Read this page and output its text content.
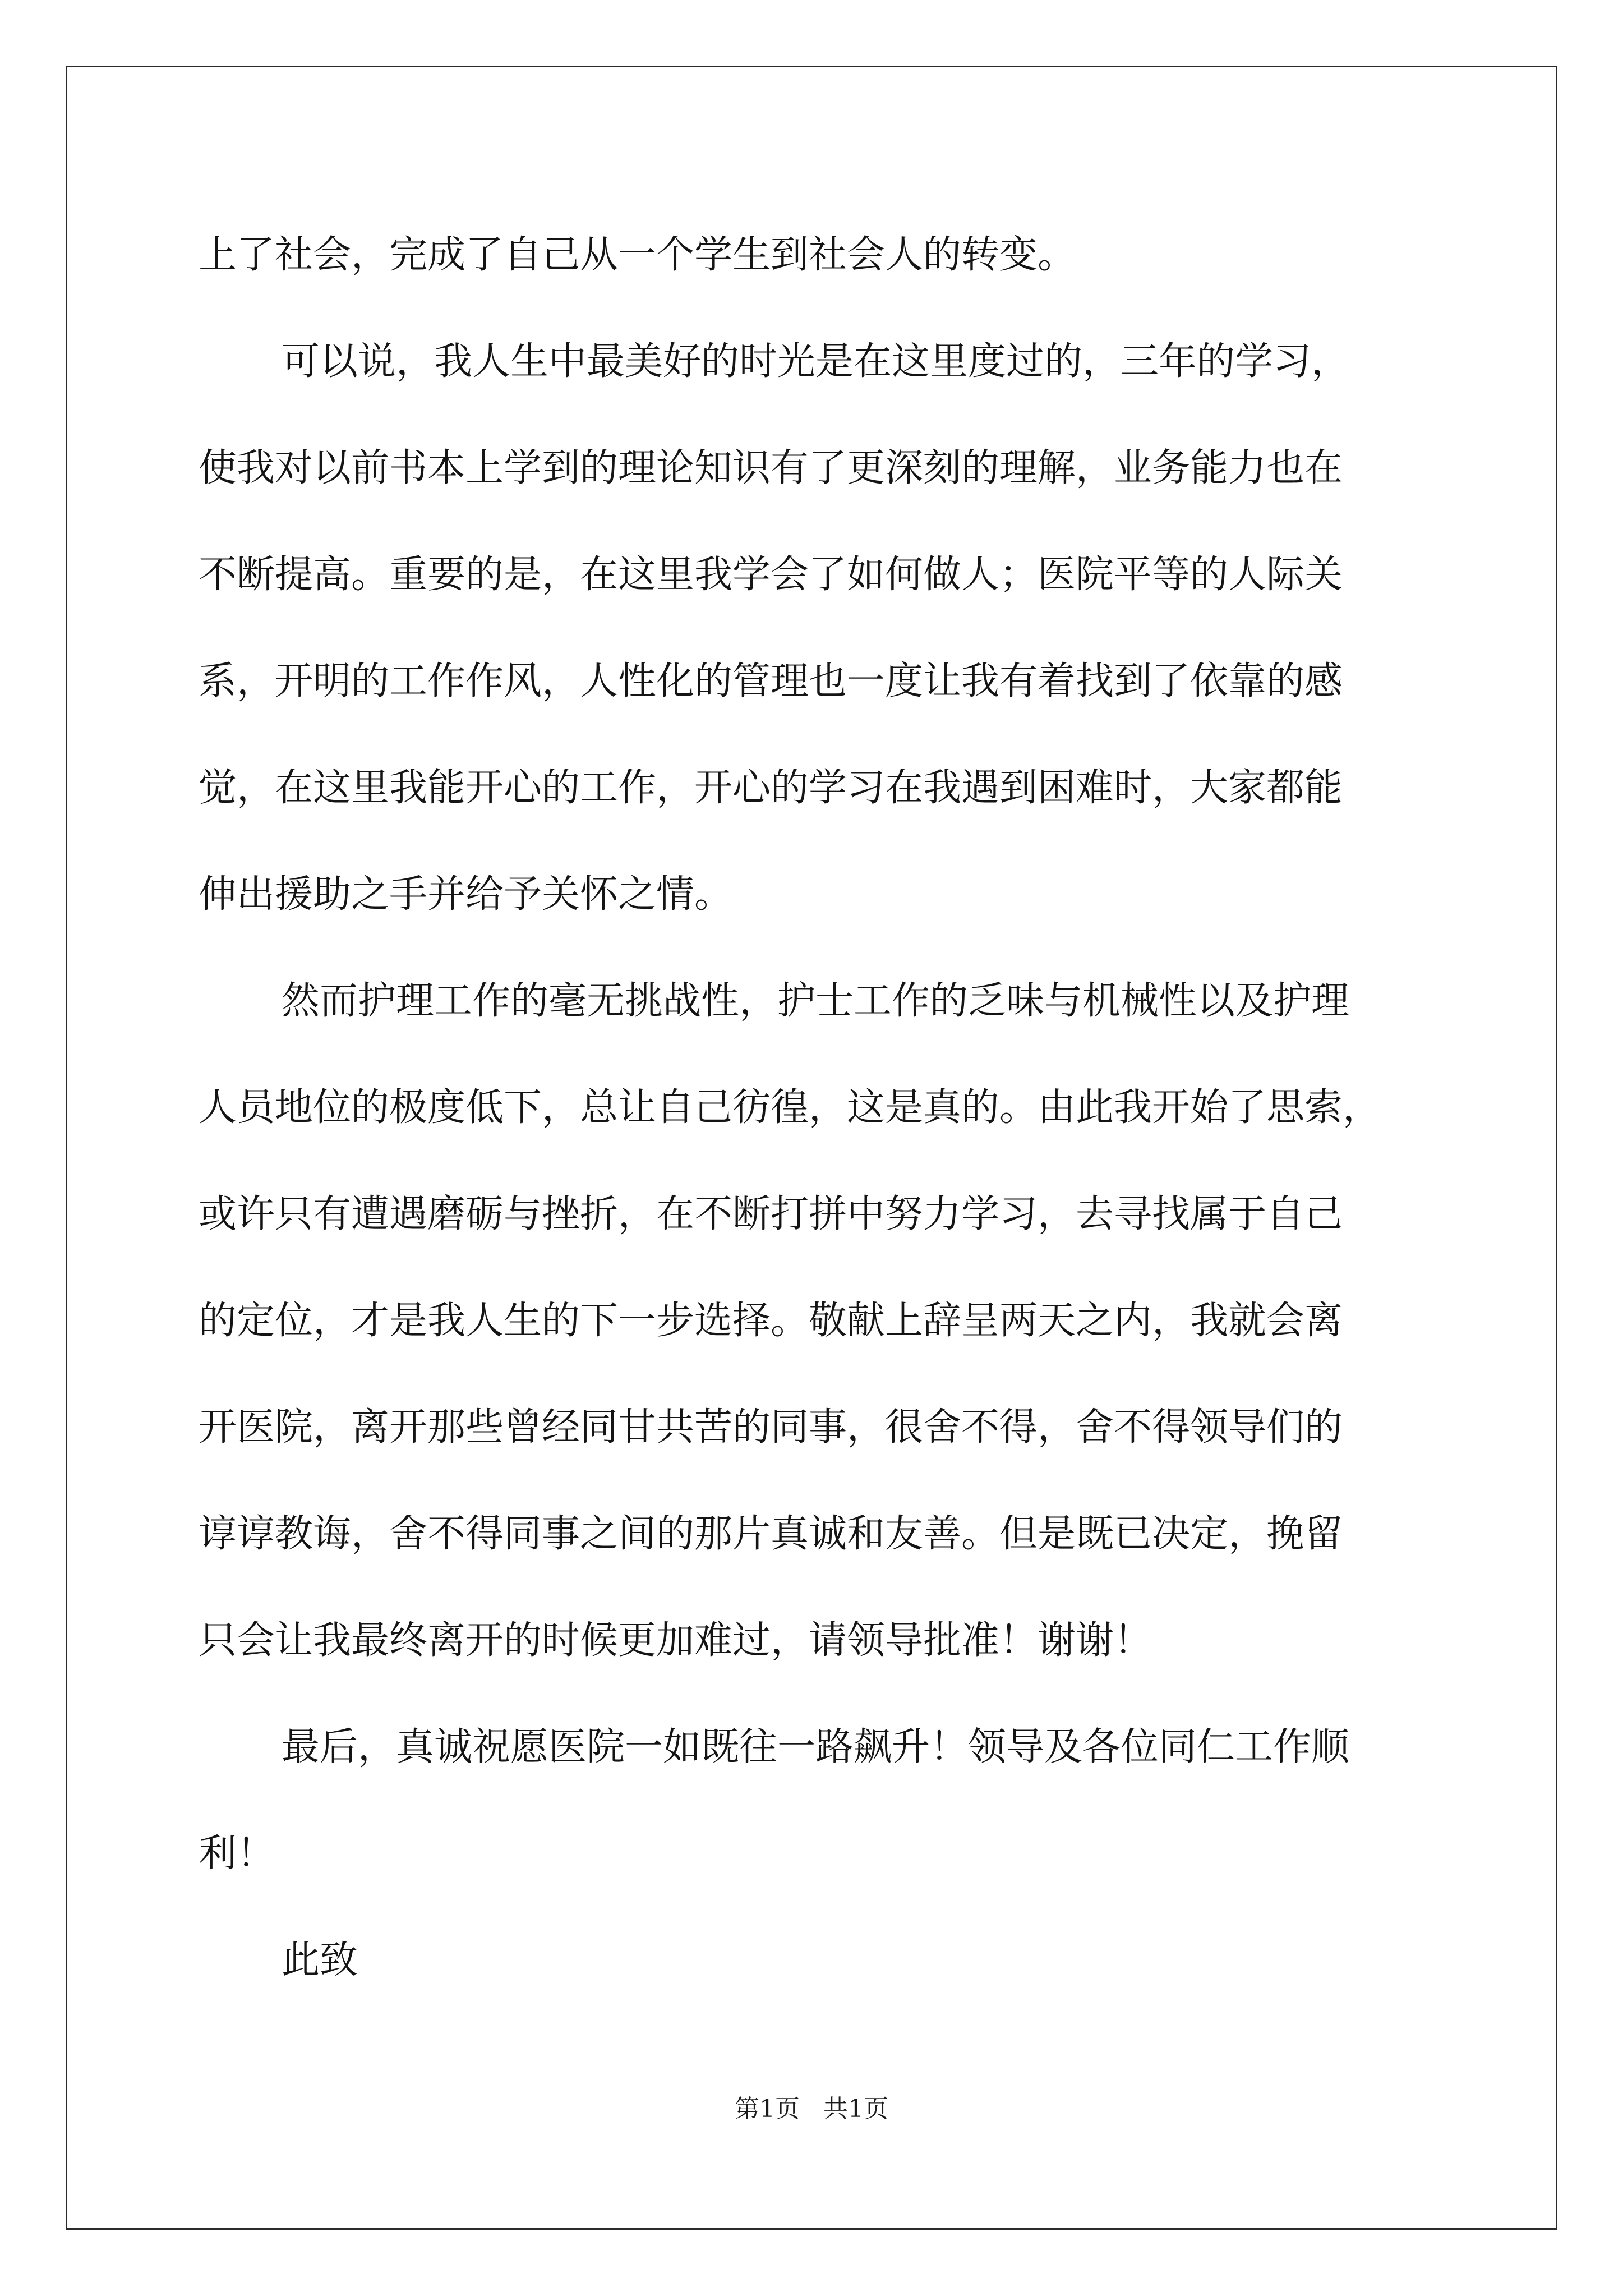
上了社会，完成了自己从一个学生到社会人的转变。

可以说，我人生中最美好的时光是在这里度过的，三年的学习，

使我对以前书本上学到的理论知识有了更深刻的理解，业务能力也在

不断提高。重要的是，在这里我学会了如何做人；医院平等的人际关

系，开明的工作作风，人性化的管理也一度让我有着找到了依靠的感

觉，在这里我能开心的工作，开心的学习在我遇到困难时，大家都能

伸出援助之手并给予关怀之情。

然而护理工作的毫无挑战性，护士工作的乏味与机械性以及护理

人员地位的极度低下，总让自己彷徨，这是真的。由此我开始了思索，

或许只有遭遇磨砺与挫折，在不断打拼中努力学习，去寻找属于自己

的定位，才是我人生的下一步选择。敬献上辞呈两天之内，我就会离

开医院，离开那些曾经同甘共苦的同事，很舍不得，舍不得领导们的

谆谆教诲，舍不得同事之间的那片真诚和友善。但是既已决定，挽留

只会让我最终离开的时候更加难过，请领导批准！谢谢！

最后，真诚祝愿医院一如既往一路飙升！领导及各位同仁工作顺

利！

此致

第1页   共1页
